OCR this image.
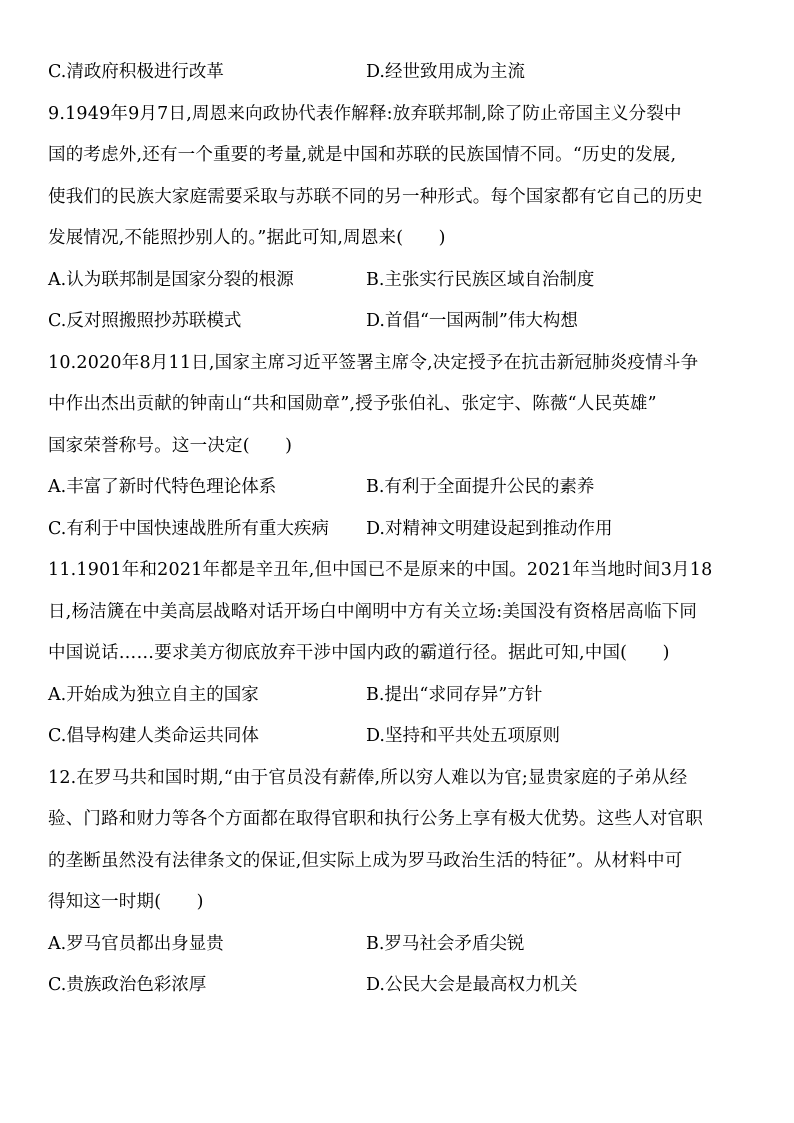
C.清政府积极进行改革	D.经世致用成为主流
9.1949年9月7日,周恩来向政协代表作解释:放弃联邦制,除了防止帝国主义分裂中
国的考虑外,还有一个重要的考量,就是中国和苏联的民族国情不同。“历史的发展,
使我们的民族大家庭需要采取与苏联不同的另一种形式。每个国家都有它自己的历史
发展情况,不能照抄别人的。”据此可知,周恩来(　　)
A.认为联邦制是国家分裂的根源	B.主张实行民族区域自治制度
C.反对照搬照抄苏联模式	D.首倡“一国两制”伟大构想
10.2020年8月11日,国家主席习近平签署主席令,决定授予在抗击新冠肺炎疫情斗争
中作出杰出贡献的钟南山“共和国勋章”,授予张伯礼、张定宇、陈薇“人民英雄”
国家荣誉称号。这一决定(　　)
A.丰富了新时代特色理论体系	B.有利于全面提升公民的素养
C.有利于中国快速战胜所有重大疾病	D.对精神文明建设起到推动作用
11.1901年和2021年都是辛丑年,但中国已不是原来的中国。2021年当地时间3月18
日,杨洁篪在中美高层战略对话开场白中阐明中方有关立场:美国没有资格居高临下同
中国说话……要求美方彻底放弃干涉中国内政的霸道行径。据此可知,中国(　　)
A.开始成为独立自主的国家	B.提出“求同存异”方针
C.倡导构建人类命运共同体	D.坚持和平共处五项原则
12.在罗马共和国时期,“由于官员没有薪俸,所以穷人难以为官;显贵家庭的子弟从经
验、门路和财力等各个方面都在取得官职和执行公务上享有极大优势。这些人对官职
的垄断虽然没有法律条文的保证,但实际上成为罗马政治生活的特征”。从材料中可
得知这一时期(　　)
A.罗马官员都出身显贵	B.罗马社会矛盾尖锐
C.贵族政治色彩浓厚	D.公民大会是最高权力机关
